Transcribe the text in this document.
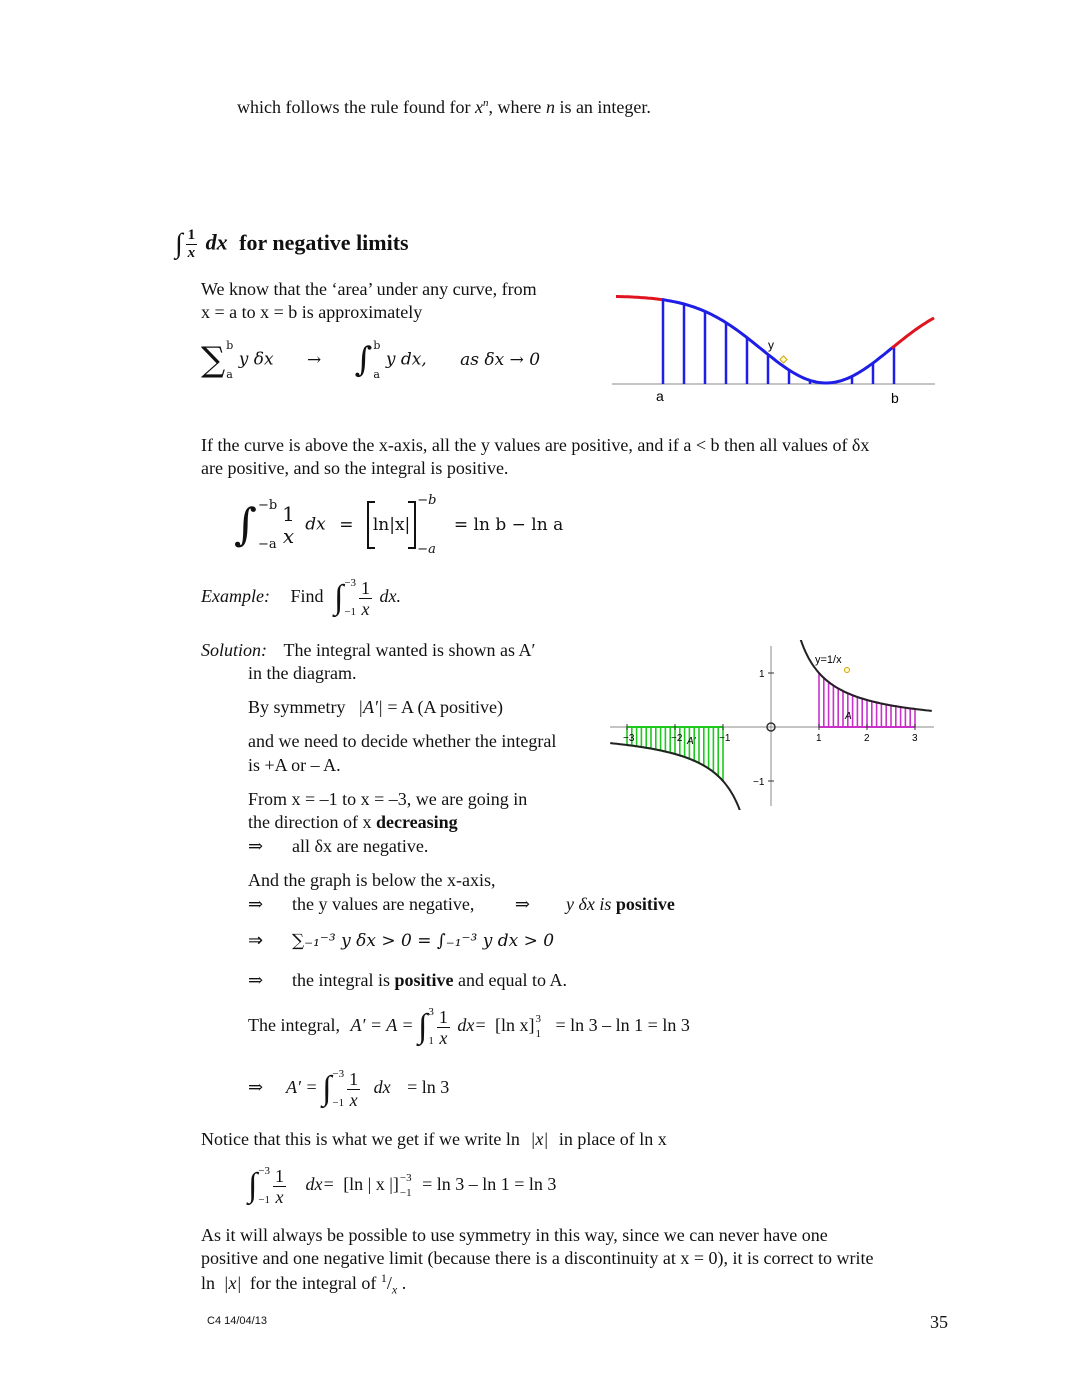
which follows the rule found for $x^n$, where n is an integer.
∫ $\frac{1}{x}$ dx for negative limits
We know that the ‘area’ under any curve, from
x = a to x = b is approximately
∑ b
a
y δx → ∫ b
a
y dx, as δx → 0
y
a	b
If the curve is above the x-axis, all the y values are positive, and if a < b then all values of δx
are positive, and so the integral is positive.
∫ −b
−a
1
x dx = ln|x|
−b
−a
= ln b − ln a
Example: Find ∫ −3
$-1 \frac{1}{x}$ dx.
Solution: The integral wanted is shown as A′
in the diagram.
By symmetry |A′| = A (A positive)
and we need to decide whether the integral
is +A or – A.
From x = –1 to x = –3, we are going in
the direction of x decreasing
⇒ all δx are negative.
And the graph is below the x-axis,
⇒ the y values are negative, ⇒ y δx is positive
⇒ ∑₋₁⁻³ y δx > 0 = ∫₋₁⁻³ y dx > 0
⇒ the integral is positive and equal to A.
−3	−2	−1	1	2	3
1
−1
y=1/x
A
A'
The integral, A′ = A = ∫ 3
$1 \frac{1}{x} dx= [\ln$ x] 3
1 = ln 3 – ln 1 = ln 3
⇒ A′ = ∫ −3
$-1 \frac{1}{x}$ dx = ln 3
Notice that this is what we get if we write ln |x| in place of ln x
∫ −3
$-1 \frac{1}{x} dx= [\ln$ | x |] −3
−1 = ln 3 – ln 1 = ln 3
As it will always be possible to use symmetry in this way, since we can never have one
positive and one negative limit (because there is a discontinuity at x = 0), it is correct to write
ln |x| for the integral of $^1/_x$ .
C4 14/04/13	35
